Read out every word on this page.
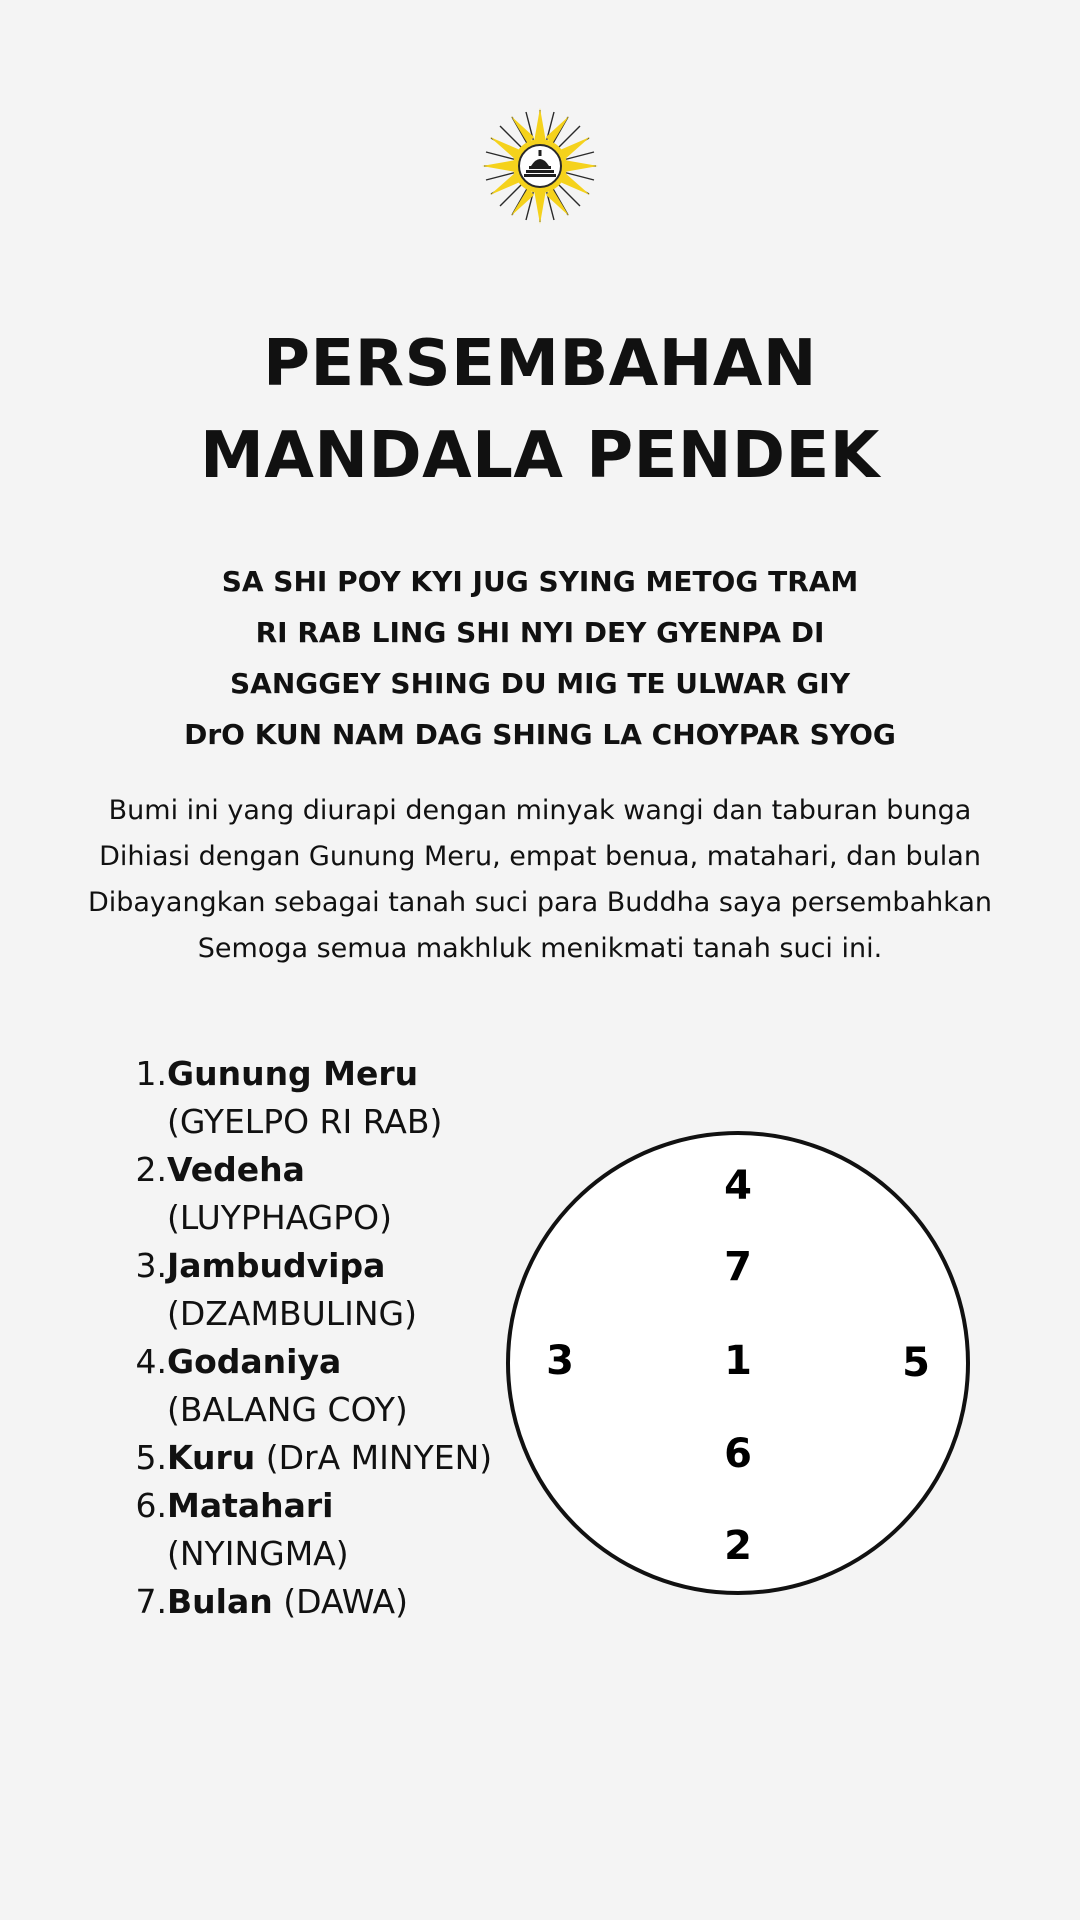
PERSEMBAHAN
MANDALA PENDEK
SA SHI POY KYI JUG SYING METOG TRAM
RI RAB LING SHI NYI DEY GYENPA DI
SANGGEY SHING DU MIG TE ULWAR GIY
DrO KUN NAM DAG SHING LA CHOYPAR SYOG
Bumi ini yang diurapi dengan minyak wangi dan taburan bunga
Dihiasi dengan Gunung Meru, empat benua, matahari, dan bulan
Dibayangkan sebagai tanah suci para Buddha saya persembahkan
Semoga semua makhluk menikmati tanah suci ini.
1. Gunung Meru
(GYELPO RI RAB)
2. Vedeha
(LUYPHAGPO)
3. Jambudvipa
(DZAMBULING)
4. Godaniya
(BALANG COY)
5. Kuru (DrA MINYEN)
6. Matahari
(NYINGMA)
7. Bulan (DAWA)
4
7
1
6
2
3	5
